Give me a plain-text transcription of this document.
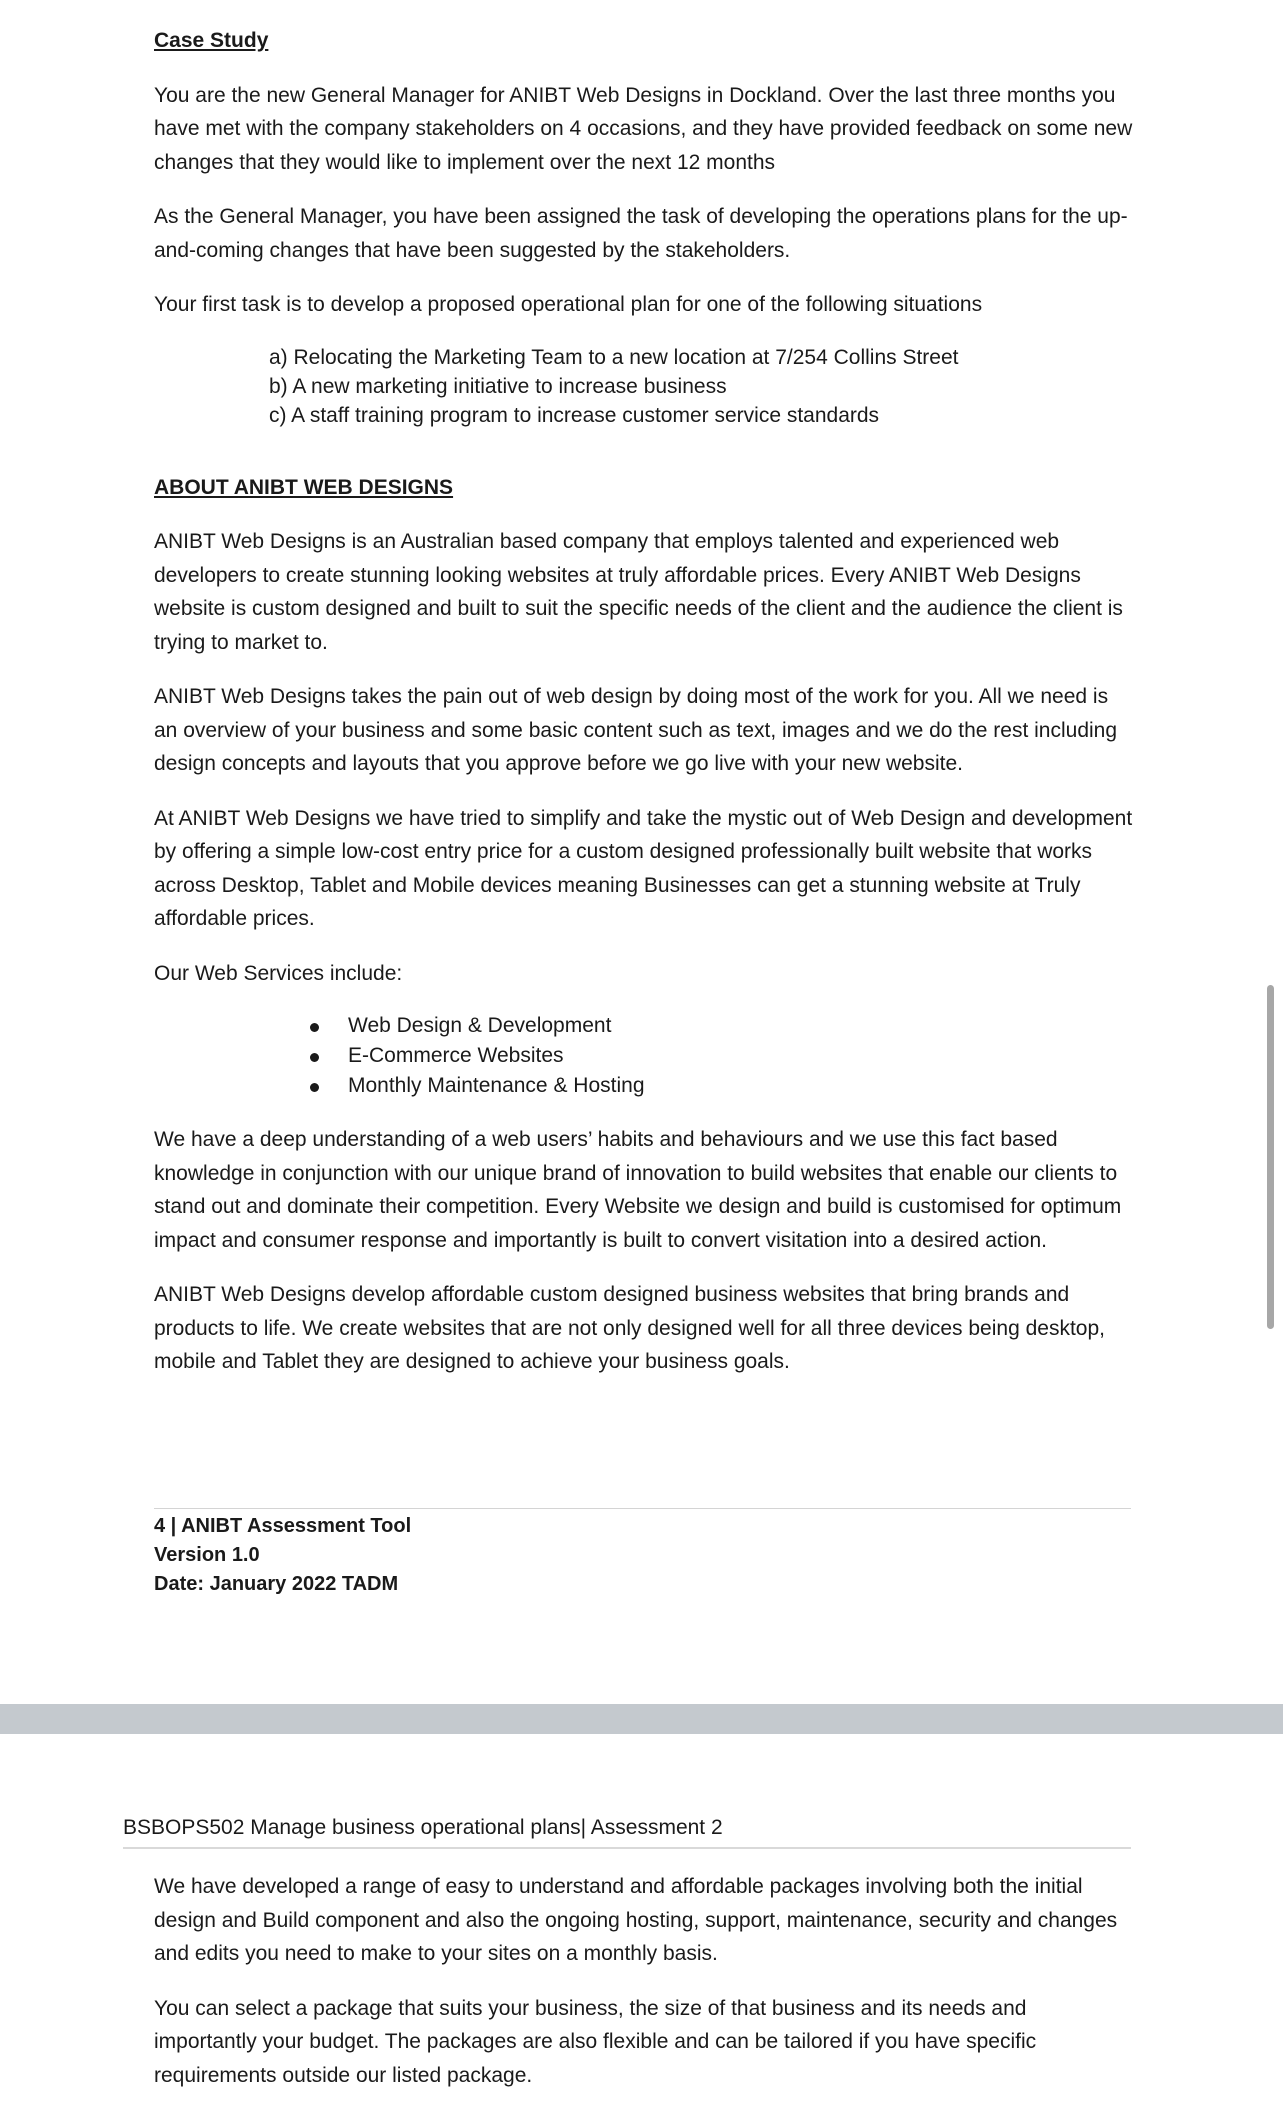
Case Study

You are the new General Manager for ANIBT Web Designs in Dockland. Over the last three months you have met with the company stakeholders on 4 occasions, and they have provided feedback on some new changes that they would like to implement over the next 12 months

As the General Manager, you have been assigned the task of developing the operations plans for the up-and-coming changes that have been suggested by the stakeholders.

Your first task is to develop a proposed operational plan for one of the following situations

a) Relocating the Marketing Team to a new location at 7/254 Collins Street
b) A new marketing initiative to increase business
c) A staff training program to increase customer service standards
ABOUT ANIBT WEB DESIGNS

ANIBT Web Designs is an Australian based company that employs talented and experienced web developers to create stunning looking websites at truly affordable prices. Every ANIBT Web Designs website is custom designed and built to suit the specific needs of the client and the audience the client is trying to market to.

ANIBT Web Designs takes the pain out of web design by doing most of the work for you. All we need is an overview of your business and some basic content such as text, images and we do the rest including design concepts and layouts that you approve before we go live with your new website.

At ANIBT Web Designs we have tried to simplify and take the mystic out of Web Design and development by offering a simple low-cost entry price for a custom designed professionally built website that works across Desktop, Tablet and Mobile devices meaning Businesses can get a stunning website at Truly affordable prices.

Our Web Services include:

Web Design & Development
E-Commerce Websites
Monthly Maintenance & Hosting

We have a deep understanding of a web users’ habits and behaviours and we use this fact based knowledge in conjunction with our unique brand of innovation to build websites that enable our clients to stand out and dominate their competition. Every Website we design and build is customised for optimum impact and consumer response and importantly is built to convert visitation into a desired action.

ANIBT Web Designs develop affordable custom designed business websites that bring brands and products to life. We create websites that are not only designed well for all three devices being desktop, mobile and Tablet they are designed to achieve your business goals.

4 | ANIBT Assessment Tool
Version 1.0
Date: January 2022 TADM
BSBOPS502 Manage business operational plans| Assessment 2

We have developed a range of easy to understand and affordable packages involving both the initial design and Build component and also the ongoing hosting, support, maintenance, security and changes and edits you need to make to your sites on a monthly basis.

You can select a package that suits your business, the size of that business and its needs and importantly your budget. The packages are also flexible and can be tailored if you have specific requirements outside our listed package.
